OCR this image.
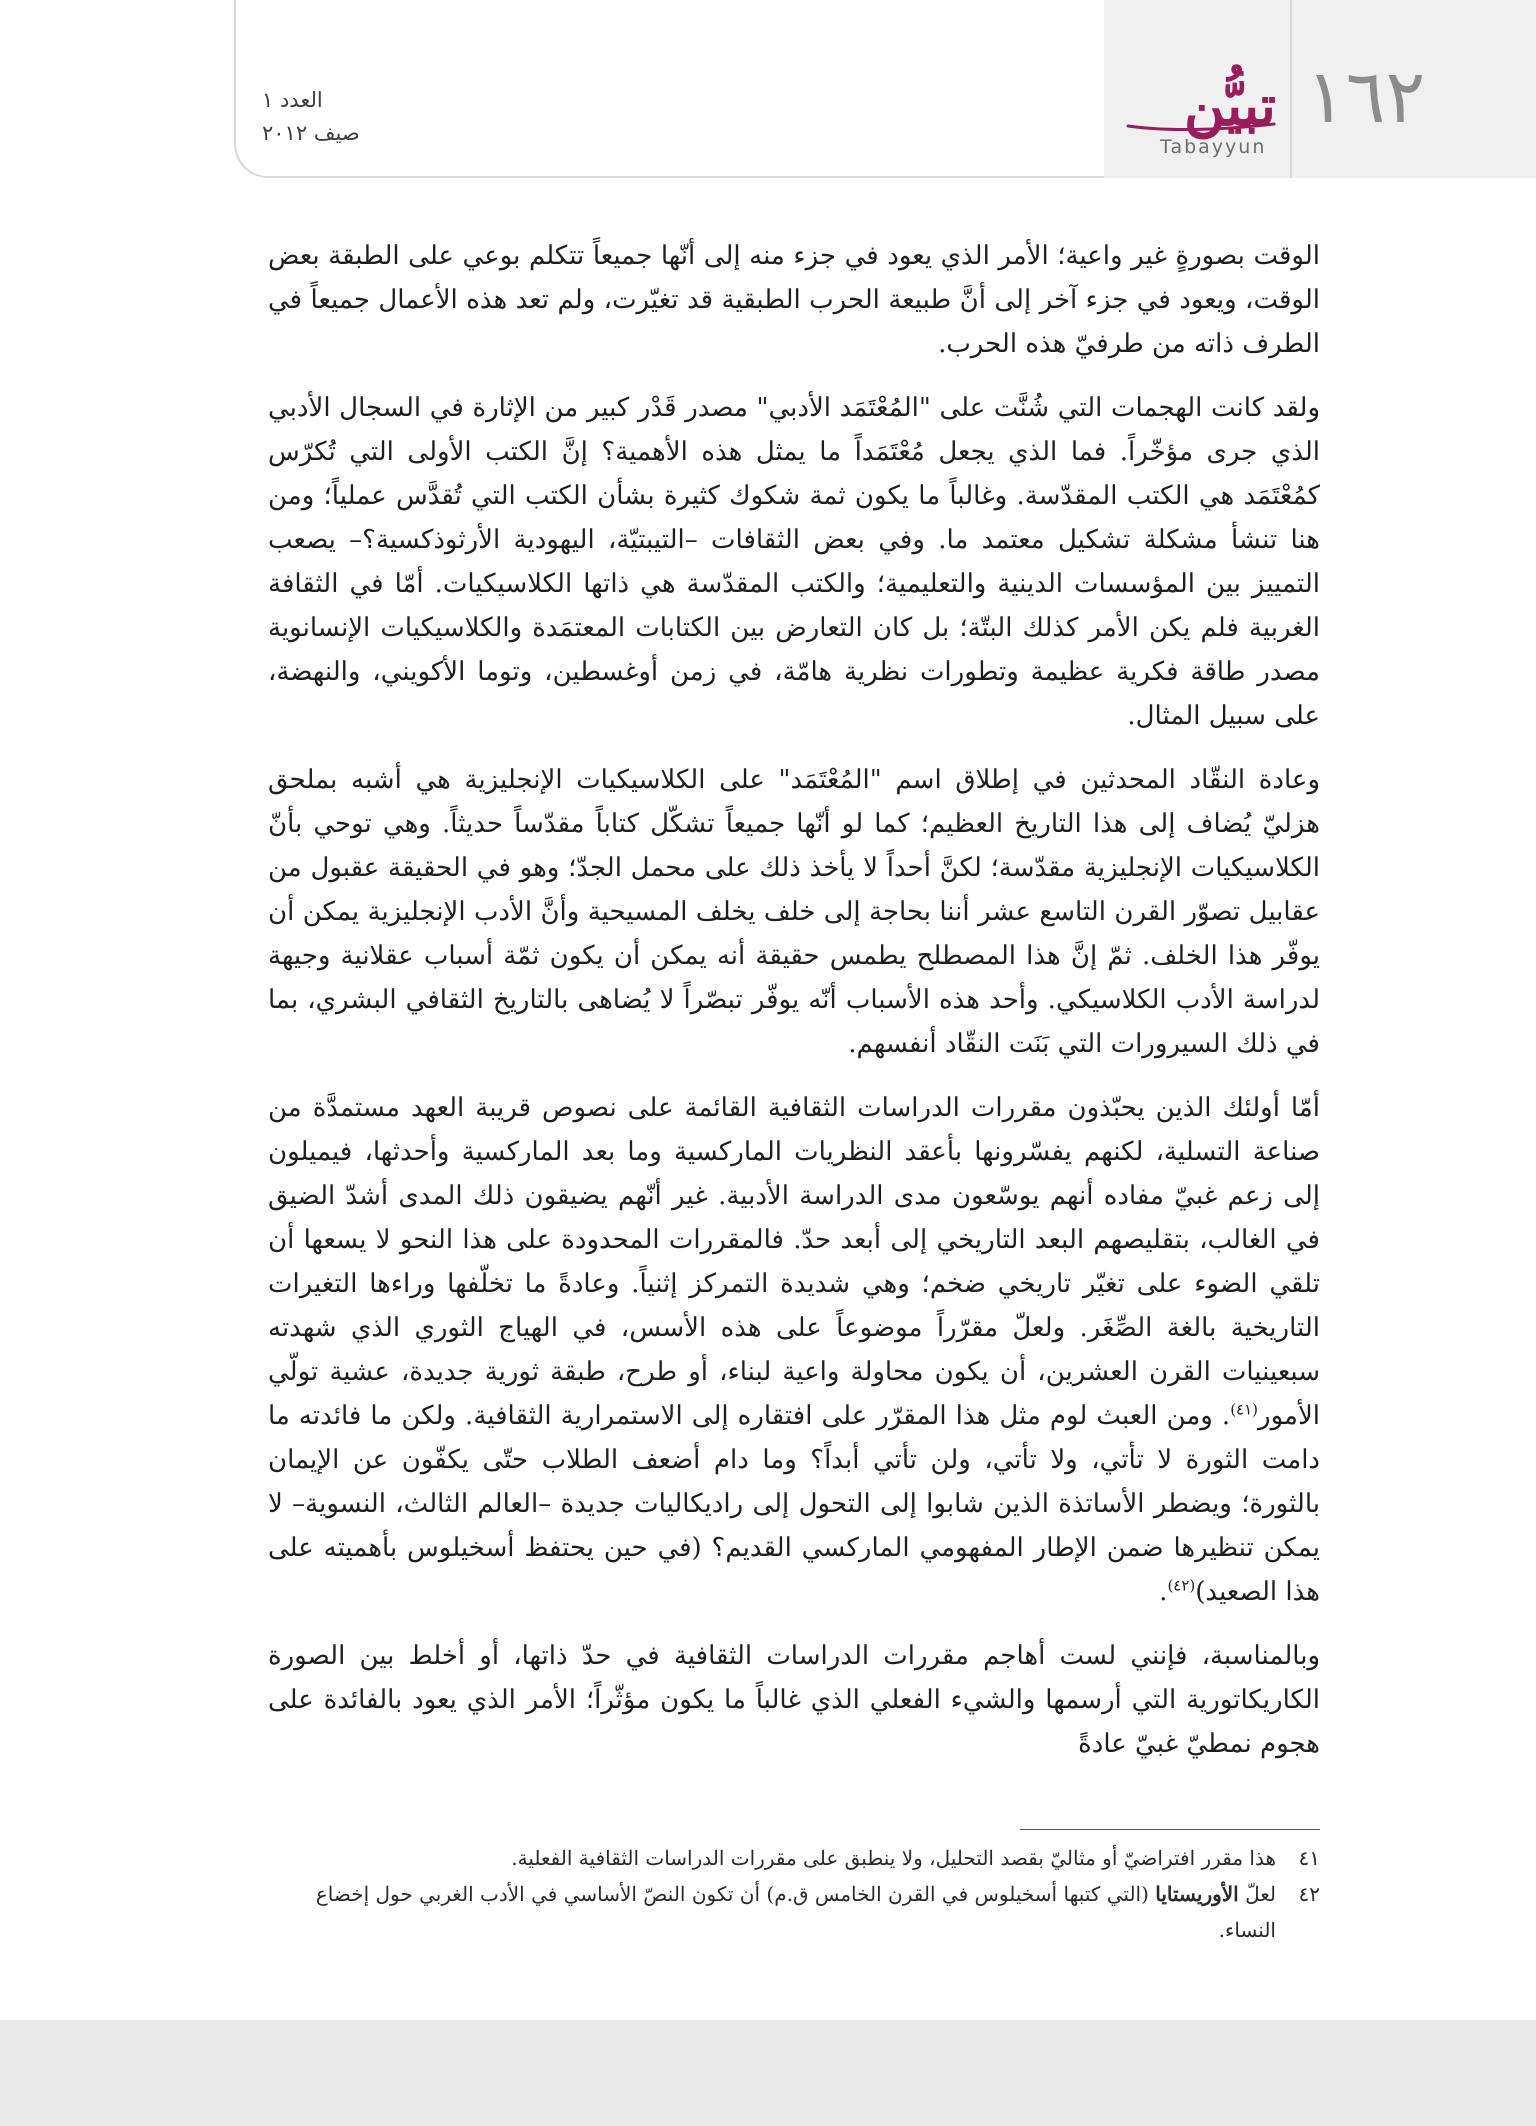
١٦٢
تبيُّن
Tabayyun
العدد ١
صيف ٢٠١٢

الوقت بصورةٍ غير واعية؛ الأمر الذي يعود في جزء منه إلى أنّها جميعاً تتكلم بوعي على الطبقة بعض الوقت، ويعود في جزء آخر إلى أنَّ طبيعة الحرب الطبقية قد تغيّرت، ولم تعد هذه الأعمال جميعاً في الطرف ذاته من طرفيّ هذه الحرب.

ولقد كانت الهجمات التي شُنَّت على "المُعْتَمَد الأدبي" مصدر قَدْر كبير من الإثارة في السجال الأدبي الذي جرى مؤخّراً. فما الذي يجعل مُعْتَمَداً ما يمثل هذه الأهمية؟ إنَّ الكتب الأولى التي تُكرّس كمُعْتَمَد هي الكتب المقدّسة. وغالباً ما يكون ثمة شكوك كثيرة بشأن الكتب التي تُقدَّس عملياً؛ ومن هنا تنشأ مشكلة تشكيل معتمد ما. وفي بعض الثقافات –التيبتيّة، اليهودية الأرثوذكسية؟– يصعب التمييز بين المؤسسات الدينية والتعليمية؛ والكتب المقدّسة هي ذاتها الكلاسيكيات. أمّا في الثقافة الغربية فلم يكن الأمر كذلك البتّة؛ بل كان التعارض بين الكتابات المعتمَدة والكلاسيكيات الإنسانوية مصدر طاقة فكرية عظيمة وتطورات نظرية هامّة، في زمن أوغسطين، وتوما الأكويني، والنهضة، على سبيل المثال.

وعادة النقّاد المحدثين في إطلاق اسم "المُعْتَمَد" على الكلاسيكيات الإنجليزية هي أشبه بملحق هزليّ يُضاف إلى هذا التاريخ العظيم؛ كما لو أنّها جميعاً تشكّل كتاباً مقدّساً حديثاً. وهي توحي بأنّ الكلاسيكيات الإنجليزية مقدّسة؛ لكنَّ أحداً لا يأخذ ذلك على محمل الجدّ؛ وهو في الحقيقة عقبول من عقابيل تصوّر القرن التاسع عشر أننا بحاجة إلى خلف يخلف المسيحية وأنَّ الأدب الإنجليزية يمكن أن يوفّر هذا الخلف. ثمّ إنَّ هذا المصطلح يطمس حقيقة أنه يمكن أن يكون ثمّة أسباب عقلانية وجيهة لدراسة الأدب الكلاسيكي. وأحد هذه الأسباب أنّه يوفّر تبصّراً لا يُضاهى بالتاريخ الثقافي البشري، بما في ذلك السيرورات التي بَنَت النقّاد أنفسهم.

أمّا أولئك الذين يحبّذون مقررات الدراسات الثقافية القائمة على نصوص قريبة العهد مستمدَّة من صناعة التسلية، لكنهم يفسّرونها بأعقد النظريات الماركسية وما بعد الماركسية وأحدثها، فيميلون إلى زعم غبيّ مفاده أنهم يوسّعون مدى الدراسة الأدبية. غير أنّهم يضيقون ذلك المدى أشدّ الضيق في الغالب، بتقليصهم البعد التاريخي إلى أبعد حدّ. فالمقررات المحدودة على هذا النحو لا يسعها أن تلقي الضوء على تغيّر تاريخي ضخم؛ وهي شديدة التمركز إثنياً. وعادةً ما تخلّفها وراءها التغيرات التاريخية بالغة الصِّغَر. ولعلّ مقرّراً موضوعاً على هذه الأسس، في الهياج الثوري الذي شهدته سبعينيات القرن العشرين، أن يكون محاولة واعية لبناء، أو طرح، طبقة ثورية جديدة، عشية تولّي الأمور$^{(٤١)}$. ومن العبث لوم مثل هذا المقرّر على افتقاره إلى الاستمرارية الثقافية. ولكن ما فائدته ما دامت الثورة لا تأتي، ولا تأتي، ولن تأتي أبداً؟ وما دام أضعف الطلاب حتّى يكفّون عن الإيمان بالثورة؛ ويضطر الأساتذة الذين شابوا إلى التحول إلى راديكاليات جديدة –العالم الثالث، النسوية– لا يمكن تنظيرها ضمن الإطار المفهومي الماركسي القديم؟ (في حين يحتفظ أسخيلوس بأهميته على هذا الصعيد)$^{(٤٢)}$.

وبالمناسبة، فإنني لست أهاجم مقررات الدراسات الثقافية في حدّ ذاتها، أو أخلط بين الصورة الكاريكاتورية التي أرسمها والشيء الفعلي الذي غالباً ما يكون مؤثّراً؛ الأمر الذي يعود بالفائدة على هجوم نمطيّ غبيّ عادةً

٤١
هذا مقرر افتراضيّ أو مثاليّ بقصد التحليل، ولا ينطبق على مقررات الدراسات الثقافية الفعلية.
٤٢
لعلّ الأوريستايا (التي كتبها أسخيلوس في القرن الخامس ق.م) أن تكون النصّ الأساسي في الأدب الغربي حول إخضاع النساء.
